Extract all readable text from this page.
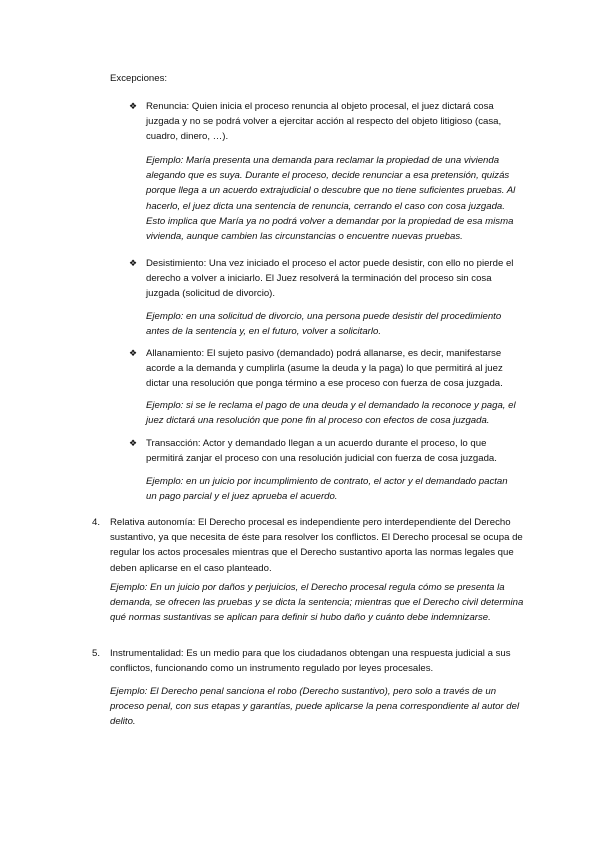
Excepciones:
❖ Renuncia: Quien inicia el proceso renuncia al objeto procesal, el juez dictará cosa juzgada y no se podrá volver a ejercitar acción al respecto del objeto litigioso (casa, cuadro, dinero, …).
Ejemplo: María presenta una demanda para reclamar la propiedad de una vivienda alegando que es suya. Durante el proceso, decide renunciar a esa pretensión, quizás porque llega a un acuerdo extrajudicial o descubre que no tiene suficientes pruebas. Al hacerlo, el juez dicta una sentencia de renuncia, cerrando el caso con cosa juzgada. Esto implica que María ya no podrá volver a demandar por la propiedad de esa misma vivienda, aunque cambien las circunstancias o encuentre nuevas pruebas.
❖ Desistimiento: Una vez iniciado el proceso el actor puede desistir, con ello no pierde el derecho a volver a iniciarlo. El Juez resolverá la terminación del proceso sin cosa juzgada (solicitud de divorcio).
Ejemplo: en una solicitud de divorcio, una persona puede desistir del procedimiento antes de la sentencia y, en el futuro, volver a solicitarlo.
❖ Allanamiento: El sujeto pasivo (demandado) podrá allanarse, es decir, manifestarse acorde a la demanda y cumplirla (asume la deuda y la paga) lo que permitirá al juez dictar una resolución que ponga término a ese proceso con fuerza de cosa juzgada.
Ejemplo: si se le reclama el pago de una deuda y el demandado la reconoce y paga, el juez dictará una resolución que pone fin al proceso con efectos de cosa juzgada.
❖ Transacción: Actor y demandado llegan a un acuerdo durante el proceso, lo que permitirá zanjar el proceso con una resolución judicial con fuerza de cosa juzgada.
Ejemplo: en un juicio por incumplimiento de contrato, el actor y el demandado pactan un pago parcial y el juez aprueba el acuerdo.
4. Relativa autonomía: El Derecho procesal es independiente pero interdependiente del Derecho sustantivo, ya que necesita de éste para resolver los conflictos. El Derecho procesal se ocupa de regular los actos procesales mientras que el Derecho sustantivo aporta las normas legales que deben aplicarse en el caso planteado.
Ejemplo: En un juicio por daños y perjuicios, el Derecho procesal regula cómo se presenta la demanda, se ofrecen las pruebas y se dicta la sentencia; mientras que el Derecho civil determina qué normas sustantivas se aplican para definir si hubo daño y cuánto debe indemnizarse.
5. Instrumentalidad: Es un medio para que los ciudadanos obtengan una respuesta judicial a sus conflictos, funcionando como un instrumento regulado por leyes procesales.
Ejemplo: El Derecho penal sanciona el robo (Derecho sustantivo), pero solo a través de un proceso penal, con sus etapas y garantías, puede aplicarse la pena correspondiente al autor del delito.
